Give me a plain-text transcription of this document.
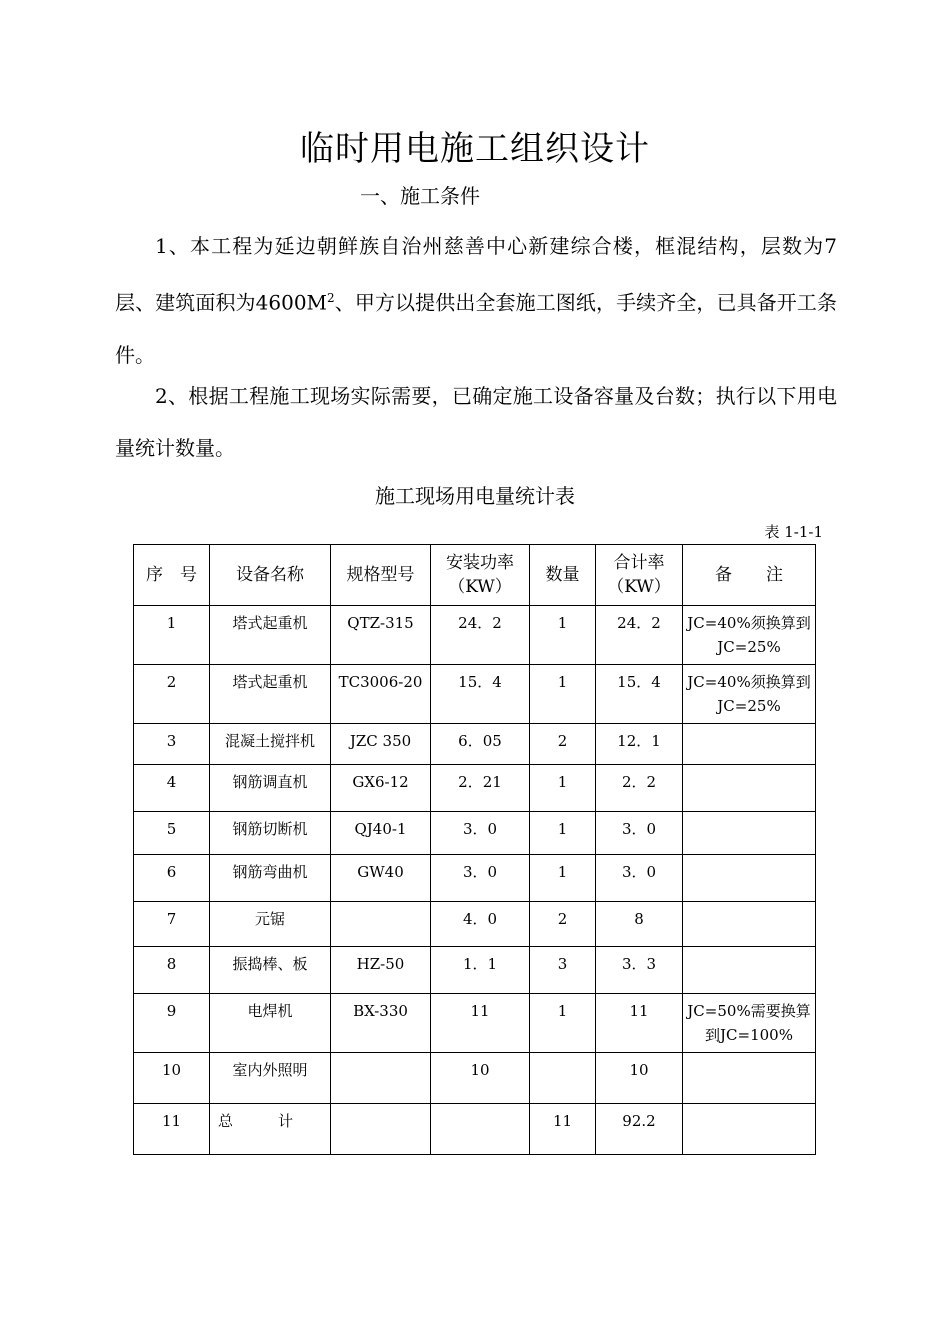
临时用电施工组织设计
一、施工条件
1、本工程为延边朝鲜族自治州慈善中心新建综合楼，框混结构，层数为7层、建筑面积为$4600M^2$、甲方以提供出全套施工图纸，手续齐全，已具备开工条件。
2、根据工程施工现场实际需要，已确定施工设备容量及台数；执行以下用电量统计数量。
施工现场用电量统计表
表 1-1-1
序　号	设备名称	规格型号	安装功率（KW）	数量	合计率（KW）	备　　注
1	塔式起重机	QTZ-315	24．2	1	24．2	JC=40%须换算到JC=25%
2	塔式起重机	TC3006-20	15．4	1	15．4	JC=40%须换算到JC=25%
3	混凝土搅拌机	JZC 350	6．05	2	12．1	
4	钢筋调直机	GX6-12	2．21	1	2．2	
5	钢筋切断机	QJ40-1	3．0	1	3．0	
6	钢筋弯曲机	GW40	3．0	1	3．0	
7	元锯		4．0	2	8	
8	振捣棒、板	HZ-50	1．1	3	3．3	
9	电焊机	BX-330	11	1	11	JC=50%需要换算到JC=100%
10	室内外照明		10		10	
11	总　　　计			11	92.2	
